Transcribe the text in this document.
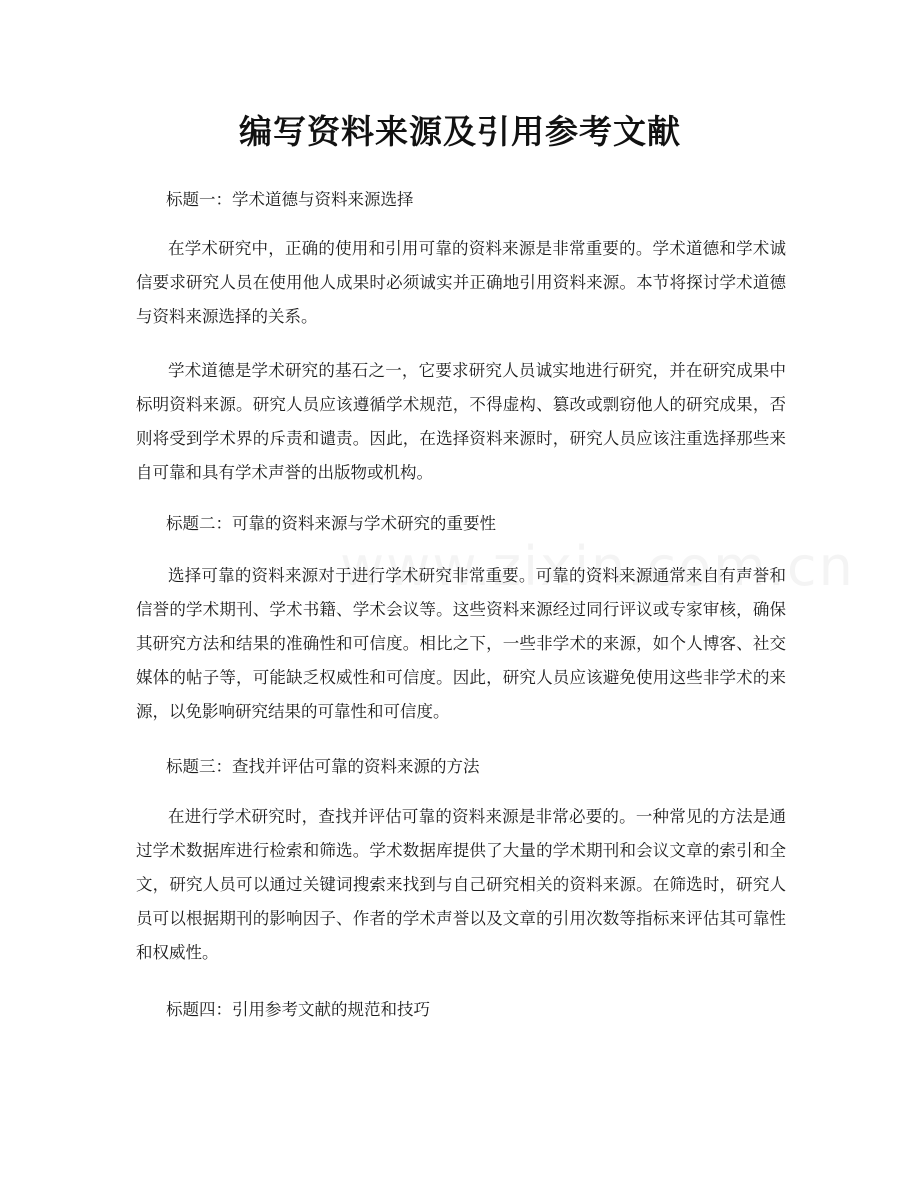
编写资料来源及引用参考文献
标题一：学术道德与资料来源选择

在学术研究中，正确的使用和引用可靠的资料来源是非常重要的。学术道德和学术诚信要求研究人员在使用他人成果时必须诚实并正确地引用资料来源。本节将探讨学术道德与资料来源选择的关系。

学术道德是学术研究的基石之一，它要求研究人员诚实地进行研究，并在研究成果中标明资料来源。研究人员应该遵循学术规范，不得虚构、篡改或剽窃他人的研究成果，否则将受到学术界的斥责和谴责。因此，在选择资料来源时，研究人员应该注重选择那些来自可靠和具有学术声誉的出版物或机构。

标题二：可靠的资料来源与学术研究的重要性

选择可靠的资料来源对于进行学术研究非常重要。可靠的资料来源通常来自有声誉和信誉的学术期刊、学术书籍、学术会议等。这些资料来源经过同行评议或专家审核，确保其研究方法和结果的准确性和可信度。相比之下，一些非学术的来源，如个人博客、社交媒体的帖子等，可能缺乏权威性和可信度。因此，研究人员应该避免使用这些非学术的来源，以免影响研究结果的可靠性和可信度。

标题三：查找并评估可靠的资料来源的方法

在进行学术研究时，查找并评估可靠的资料来源是非常必要的。一种常见的方法是通过学术数据库进行检索和筛选。学术数据库提供了大量的学术期刊和会议文章的索引和全文，研究人员可以通过关键词搜索来找到与自己研究相关的资料来源。在筛选时，研究人员可以根据期刊的影响因子、作者的学术声誉以及文章的引用次数等指标来评估其可靠性和权威性。

标题四：引用参考文献的规范和技巧
